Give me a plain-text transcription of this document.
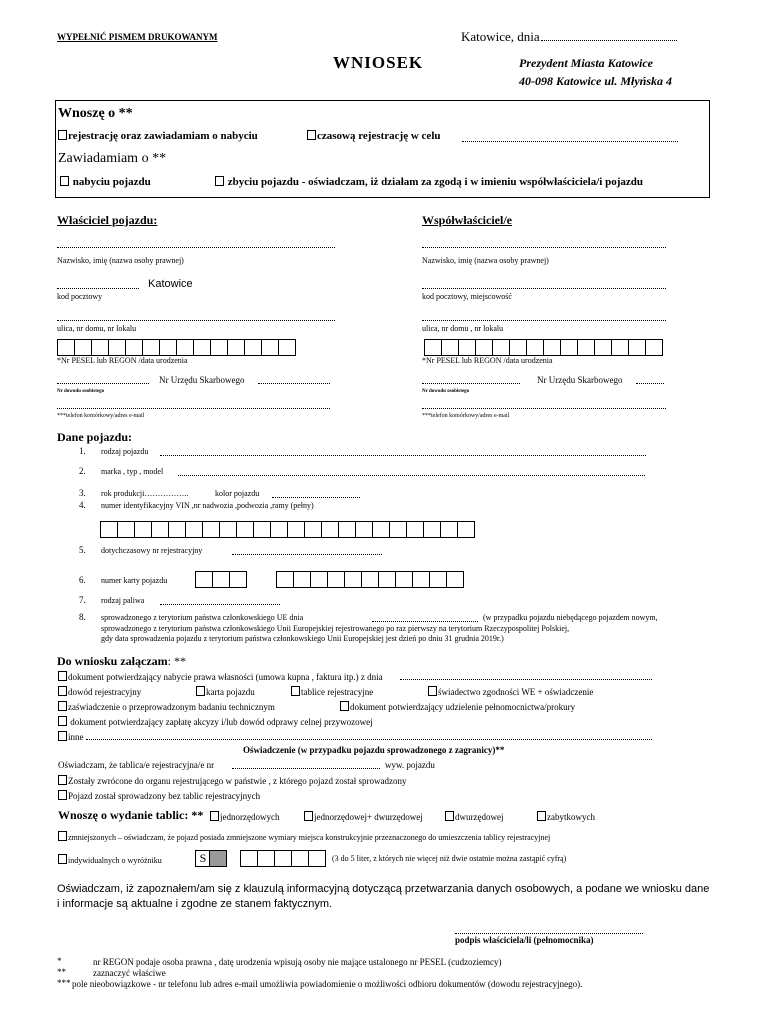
WYPEŁNIĆ PISMEM DRUKOWANYM	Katowice, dnia
WNIOSEK	Prezydent Miasta Katowice
40-098 Katowice ul. Młyńska 4
Wnoszę o **
rejestrację oraz zawiadamiam o nabyciu	czasową rejestrację w celu
Zawiadamiam o **
nabyciu pojazdu	zbyciu pojazdu - oświadczam, iż działam za zgodą i w imieniu współwłaściciela/i pojazdu
Właściciel pojazdu:
Nazwisko, imię (nazwa osoby prawnej)
Katowice
kod pocztowy
ulica, nr domu, nr lokalu
*Nr PESEL lub REGON /data urodzenia
Nr Urzędu Skarbowego
Nr dowodu osobistego
***telefon komórkowy/adres e-mail
Współwłaściciel/e
Nazwisko, imię (nazwa osoby prawnej)
kod pocztowy, miejscowość
ulica, nr domu , nr lokalu
*Nr PESEL lub REGON /data urodzenia
Nr Urzędu Skarbowego
Nr dowodu osobistego
***telefon komórkowy/adres e-mail
Dane pojazdu:
1. rodzaj pojazdu
2. marka , typ , model
3. rok produkcji……………..	kolor pojazdu
4. numer identyfikacyjny VIN ,nr nadwozia ,podwozia ,ramy (pełny)
5. dotychczasowy nr rejestracyjny
6. numer karty pojazdu
7. rodzaj paliwa
8. sprowadzonego z terytorium państwa członkowskiego UE dnia	(w przypadku pojazdu niebędącego pojazdem nowym,
sprowadzonego z terytorium państwa członkowskiego Unii Europejskiej rejestrowanego po raz pierwszy na terytorium Rzeczypospolitej Polskiej,
gdy data sprowadzenia pojazdu z terytorium państwa członkowskiego Unii Europejskiej jest dzień po dniu 31 grudnia 2019r.)
Do wniosku załączam: **
dokument potwierdzający nabycie prawa własności (umowa kupna , faktura itp.) z dnia
dowód rejestracyjny	karta pojazdu	tablice rejestracyjne	świadectwo zgodności WE + oświadczenie
zaświadczenie o przeprowadzonym badaniu technicznym	dokument potwierdzający udzielenie pełnomocnictwa/prokury
dokument potwierdzający zapłatę akcyzy i/lub dowód odprawy celnej przywozowej
inne
Oświadczenie (w przypadku pojazdu sprowadzonego z zagranicy)**
Oświadczam, że tablica/e rejestracyjna/e nr	wyw. pojazdu
Zostały zwrócone do organu rejestrującego w państwie , z którego pojazd został sprowadzony
Pojazd został sprowadzony bez tablic rejestracyjnych
Wnoszę o wydanie tablic: **	jednorzędowych	jednorzędowej+ dwurzędowej	dwurzędowej	zabytkowych
zmniejszonych – oświadczam, że pojazd posiada zmniejszone wymiary miejsca konstrukcyjnie przeznaczonego do umieszczenia tablicy rejestracyjnej
indywidualnych o wyróżniku	S	(3 do 5 liter, z których nie więcej niż dwie ostatnie można zastąpić cyfrą)
Oświadczam, iż zapoznałem/am się z klauzulą informacyjną dotyczącą przetwarzania danych osobowych, a podane we wniosku dane
i informacje są aktualne i zgodne ze stanem faktycznym.
podpis właściciela/li (pełnomocnika)
*	nr REGON podaje osoba prawna , datę urodzenia wpisują osoby nie mające ustalonego nr PESEL (cudzoziemcy)
**	zaznaczyć właściwe
*** pole nieobowiązkowe - nr telefonu lub adres e-mail umożliwia powiadomienie o możliwości odbioru dokumentów (dowodu rejestracyjnego).
